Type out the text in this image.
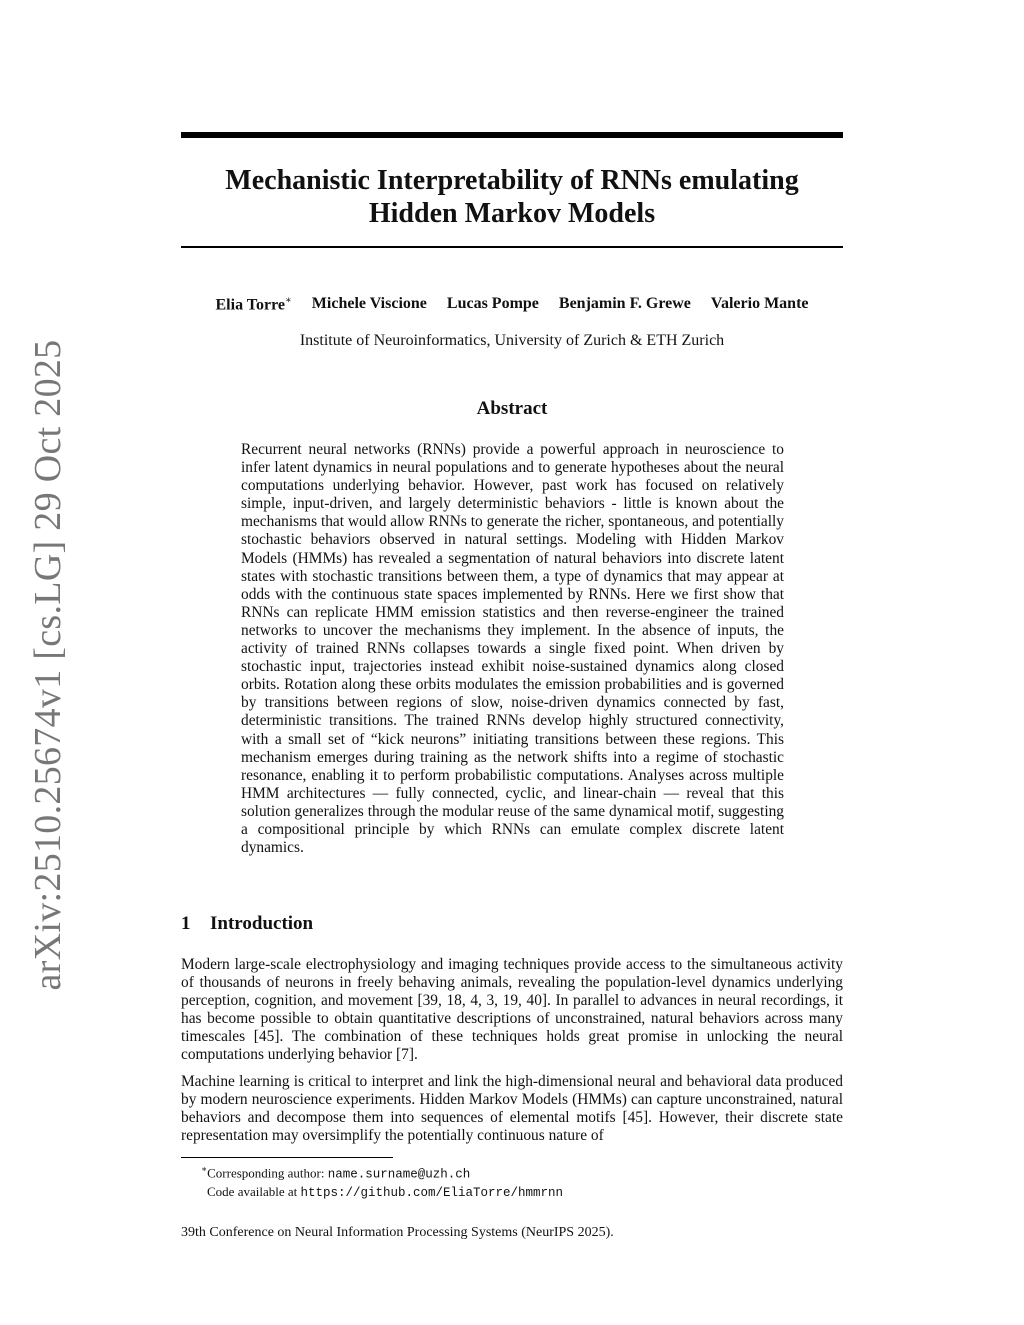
arXiv:2510.25674v1 [cs.LG] 29 Oct 2025
Mechanistic Interpretability of RNNs emulating
Hidden Markov Models
Elia Torre∗ Michele Viscione Lucas Pompe Benjamin F. Grewe Valerio Mante
Institute of Neuroinformatics, University of Zurich & ETH Zurich
Abstract
Recurrent neural networks (RNNs) provide a powerful approach in neuroscience to infer latent dynamics in neural populations and to generate hypotheses about the neural computations underlying behavior. However, past work has focused on relatively simple, input-driven, and largely deterministic behaviors - little is known about the mechanisms that would allow RNNs to generate the richer, spontaneous, and potentially stochastic behaviors observed in natural settings. Modeling with Hidden Markov Models (HMMs) has revealed a segmentation of natural behaviors into discrete latent states with stochastic transitions between them, a type of dynamics that may appear at odds with the continuous state spaces implemented by RNNs. Here we first show that RNNs can replicate HMM emission statistics and then reverse-engineer the trained networks to uncover the mechanisms they implement. In the absence of inputs, the activity of trained RNNs collapses towards a single fixed point. When driven by stochastic input, trajectories instead exhibit noise-sustained dynamics along closed orbits. Rotation along these orbits modulates the emission probabilities and is governed by transitions between regions of slow, noise-driven dynamics connected by fast, deterministic transitions. The trained RNNs develop highly structured connectivity, with a small set of “kick neurons” initiating transitions between these regions. This mechanism emerges during training as the network shifts into a regime of stochastic resonance, enabling it to perform probabilistic computations. Analyses across multiple HMM architectures — fully connected, cyclic, and linear-chain — reveal that this solution generalizes through the modular reuse of the same dynamical motif, suggesting a compositional principle by which RNNs can emulate complex discrete latent dynamics.
1 Introduction

Modern large-scale electrophysiology and imaging techniques provide access to the simultaneous activity of thousands of neurons in freely behaving animals, revealing the population-level dynamics underlying perception, cognition, and movement [39, 18, 4, 3, 19, 40]. In parallel to advances in neural recordings, it has become possible to obtain quantitative descriptions of unconstrained, natural behaviors across many timescales [45]. The combination of these techniques holds great promise in unlocking the neural computations underlying behavior [7].

Machine learning is critical to interpret and link the high-dimensional neural and behavioral data produced by modern neuroscience experiments. Hidden Markov Models (HMMs) can capture unconstrained, natural behaviors and decompose them into sequences of elemental motifs [45]. However, their discrete state representation may oversimplify the potentially continuous nature of

∗Corresponding author: name.surname@uzh.ch
Code available at https://github.com/EliaTorre/hmmrnn
39th Conference on Neural Information Processing Systems (NeurIPS 2025).
